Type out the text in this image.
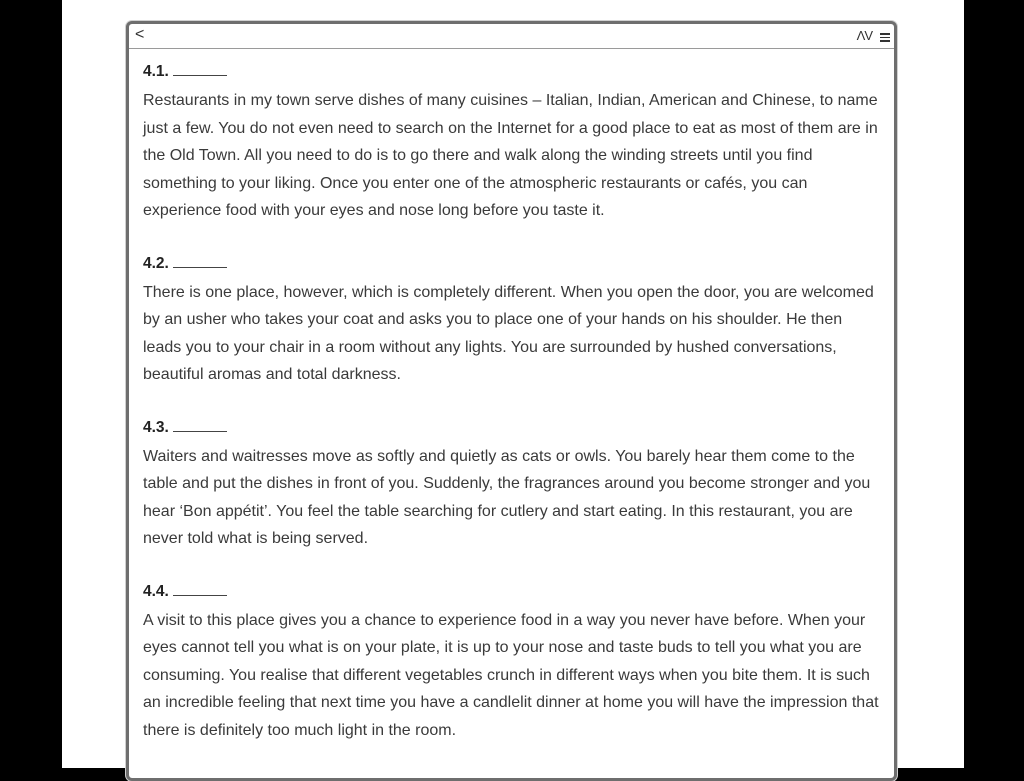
<	ΛV
4.1.

Restaurants in my town serve dishes of many cuisines – Italian, Indian, American and Chinese, to name just a few. You do not even need to search on the Internet for a good place to eat as most of them are in the Old Town. All you need to do is to go there and walk along the winding streets until you find something to your liking. Once you enter one of the atmospheric restaurants or cafés, you can experience food with your eyes and nose long before you taste it.

4.2.

There is one place, however, which is completely different. When you open the door, you are welcomed by an usher who takes your coat and asks you to place one of your hands on his shoulder. He then leads you to your chair in a room without any lights. You are surrounded by hushed conversations, beautiful aromas and total darkness.

4.3.

Waiters and waitresses move as softly and quietly as cats or owls. You barely hear them come to the table and put the dishes in front of you. Suddenly, the fragrances around you become stronger and you hear ‘Bon appétit’. You feel the table searching for cutlery and start eating. In this restaurant, you are never told what is being served.

4.4.

A visit to this place gives you a chance to experience food in a way you never have before. When your eyes cannot tell you what is on your plate, it is up to your nose and taste buds to tell you what you are consuming. You realise that different vegetables crunch in different ways when you bite them. It is such an incredible feeling that next time you have a candlelit dinner at home you will have the impression that there is definitely too much light in the room.
